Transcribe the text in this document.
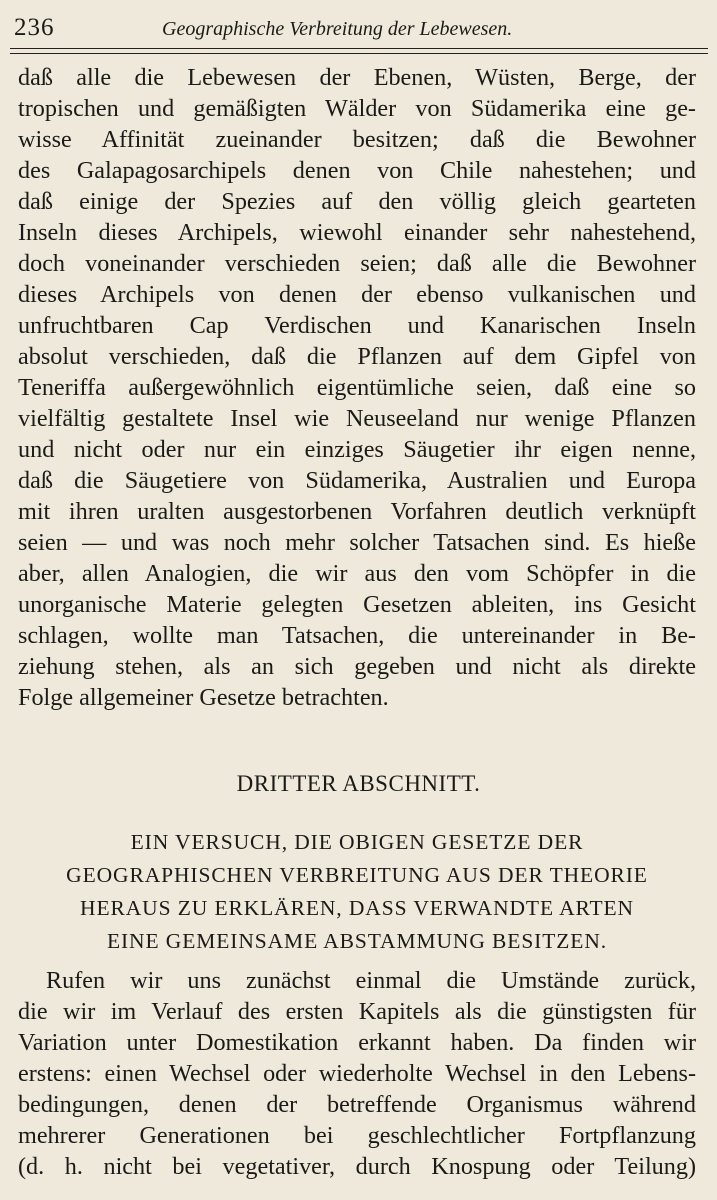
236	Geographische Verbreitung der Lebewesen.
daß alle die Lebewesen der Ebenen, Wüsten, Berge, der
tropischen und gemäßigten Wälder von Südamerika eine ge-
wisse Affinität zueinander besitzen; daß die Bewohner
des Galapagosarchipels denen von Chile nahestehen; und
daß einige der Spezies auf den völlig gleich gearteten
Inseln dieses Archipels, wiewohl einander sehr nahestehend,
doch voneinander verschieden seien; daß alle die Bewohner
dieses Archipels von denen der ebenso vulkanischen und
unfruchtbaren Cap Verdischen und Kanarischen Inseln
absolut verschieden, daß die Pflanzen auf dem Gipfel von
Teneriffa außergewöhnlich eigentümliche seien, daß eine so
vielfältig gestaltete Insel wie Neuseeland nur wenige Pflanzen
und nicht oder nur ein einziges Säugetier ihr eigen nenne,
daß die Säugetiere von Südamerika, Australien und Europa
mit ihren uralten ausgestorbenen Vorfahren deutlich verknüpft
seien — und was noch mehr solcher Tatsachen sind. Es hieße
aber, allen Analogien, die wir aus den vom Schöpfer in die
unorganische Materie gelegten Gesetzen ableiten, ins Gesicht
schlagen, wollte man Tatsachen, die untereinander in Be-
ziehung stehen, als an sich gegeben und nicht als direkte
Folge allgemeiner Gesetze betrachten.
DRITTER ABSCHNITT.
EIN VERSUCH, DIE OBIGEN GESETZE DER
GEOGRAPHISCHEN VERBREITUNG AUS DER THEORIE
HERAUS ZU ERKLÄREN, DASS VERWANDTE ARTEN
EINE GEMEINSAME ABSTAMMUNG BESITZEN.
Rufen wir uns zunächst einmal die Umstände zurück,
die wir im Verlauf des ersten Kapitels als die günstigsten für
Variation unter Domestikation erkannt haben. Da finden wir
erstens: einen Wechsel oder wiederholte Wechsel in den Lebens-
bedingungen, denen der betreffende Organismus während
mehrerer Generationen bei geschlechtlicher Fortpflanzung
(d. h. nicht bei vegetativer, durch Knospung oder Teilung)
